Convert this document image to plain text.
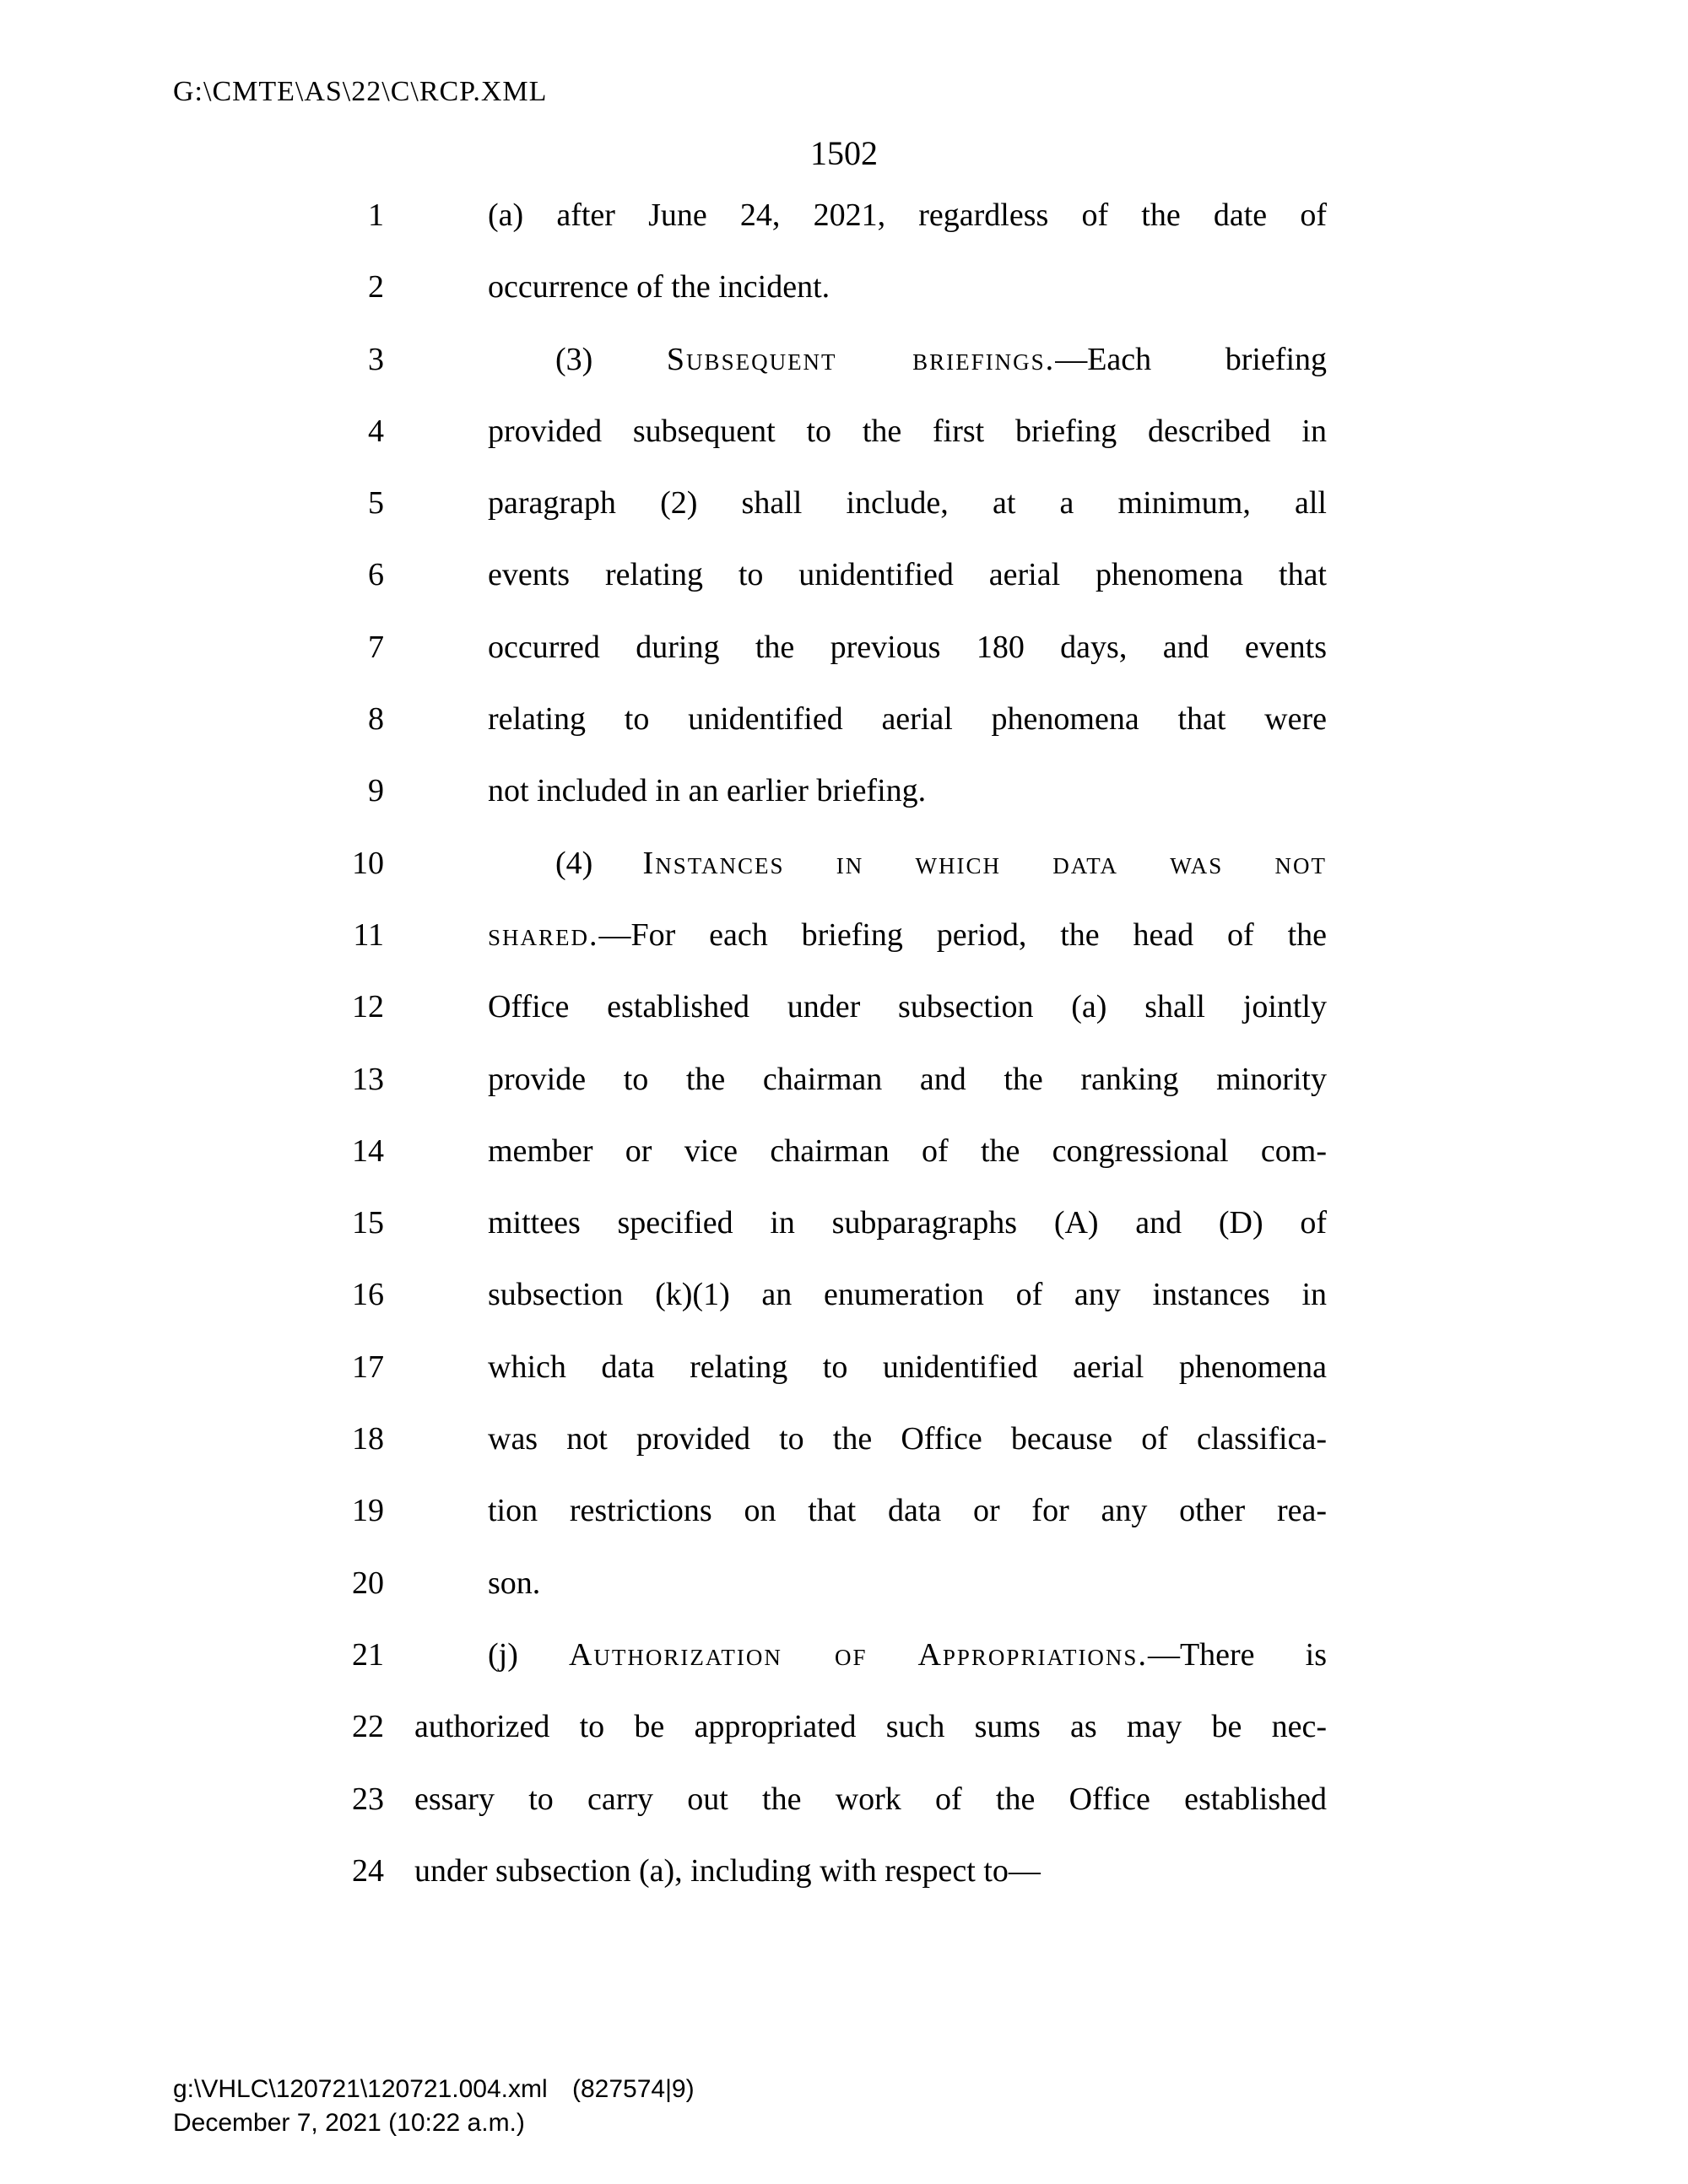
G:\CMTE\AS\22\C\RCP.XML
1502
1	(a) after June 24, 2021, regardless of the date of
2	occurrence of the incident.
3	(3) Subsequent briefings.—Each briefing
4	provided subsequent to the first briefing described in
5	paragraph (2) shall include, at a minimum, all
6	events relating to unidentified aerial phenomena that
7	occurred during the previous 180 days, and events
8	relating to unidentified aerial phenomena that were
9	not included in an earlier briefing.
10	(4) Instances in which data was not
11	shared.—For each briefing period, the head of the
12	Office established under subsection (a) shall jointly
13	provide to the chairman and the ranking minority
14	member or vice chairman of the congressional com-
15	mittees specified in subparagraphs (A) and (D) of
16	subsection (k)(1) an enumeration of any instances in
17	which data relating to unidentified aerial phenomena
18	was not provided to the Office because of classifica-
19	tion restrictions on that data or for any other rea-
20	son.
21	(j) Authorization of Appropriations.—There is
22 authorized to be appropriated such sums as may be nec-
23 essary to carry out the work of the Office established
24 under subsection (a), including with respect to—
g:\VHLC\120721\120721.004.xml (827574|9)
December 7, 2021 (10:22 a.m.)
